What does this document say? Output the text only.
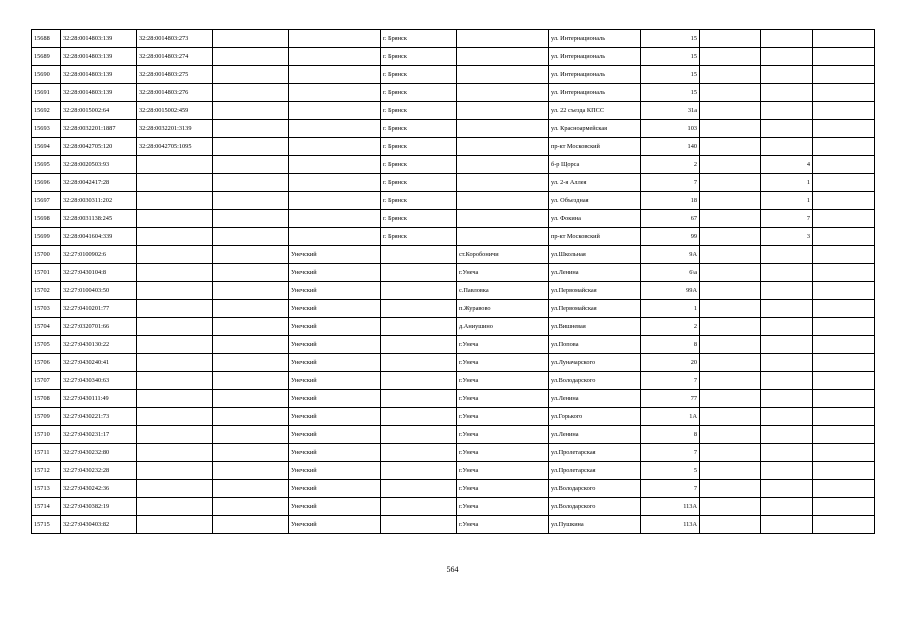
15688	32:28:0014803:139	32:28:0014803:273			г. Брянск		ул. Интернациональ	15			
15689	32:28:0014803:139	32:28:0014803:274			г. Брянск		ул. Интернациональ	15			
15690	32:28:0014803:139	32:28:0014803:275			г. Брянск		ул. Интернациональ	15			
15691	32:28:0014803:139	32:28:0014803:276			г. Брянск		ул. Интернациональ	15			
15692	32:28:0015002:64	32:28:0015002:459			г. Брянск		ул. 22 съезда КПСС	31а			
15693	32:28:0032201:1887	32:28:0032201:3139			г. Брянск		ул. Красноармейская	103			
15694	32:28:0042705:120	32:28:0042705:1095			г. Брянск		пр-кт Московский	140			
15695	32:28:0020503:93				г. Брянск		б-р Щорса	2		4	
15696	32:28:0042417:28				г. Брянск		ул. 2-я Аллея	7		1	
15697	32:28:0030311:202				г. Брянск		ул. Объездная	18		1	
15698	32:28:0031138:245				г. Брянск		ул. Фокина	67		7	
15699	32:28:0041604:339				г. Брянск		пр-кт Московский	99		3	
15700	32:27:0100902:6			Унечский		ст.Коробоничи	ул.Школьная	9А			
15701	32:27:0430104:8			Унечский		г.Унеча	ул.Ленина	6\а			
15702	32:27:0100403:50			Унечский		с.Павловка	ул.Первомайская	99А			
15703	32:27:0410201:77			Унечский		п.Журавово	ул.Первомайская	1			
15704	32:27:0320701:66			Унечский		д.Аниушино	ул.Вишневая	2			
15705	32:27:0430130:22			Унечский		г.Унеча	ул.Попова	8			
15706	32:27:0430240:41			Унечский		г.Унеча	ул.Луначарского	20			
15707	32:27:0430340:63			Унечский		г.Унеча	ул.Володарского	7			
15708	32:27:0430111:49			Унечский		г.Унеча	ул.Ленина	77			
15709	32:27:0430221:73			Унечский		г.Унеча	ул.Горького	1А			
15710	32:27:0430231:17			Унечский		г.Унеча	ул.Ленина	8			
15711	32:27:0430232:80			Унечский		г.Унеча	ул.Пролетарская	7			
15712	32:27:0430232:28			Унечский		г.Унеча	ул.Пролетарская	5			
15713	32:27:0430242:36			Унечский		г.Унеча	ул.Володарского	7			
15714	32:27:0430382:19			Унечский		г.Унеча	ул.Володарского	113А			
15715	32:27:0430403:82			Унечский		г.Унеча	ул.Пушкина	113А			
564
